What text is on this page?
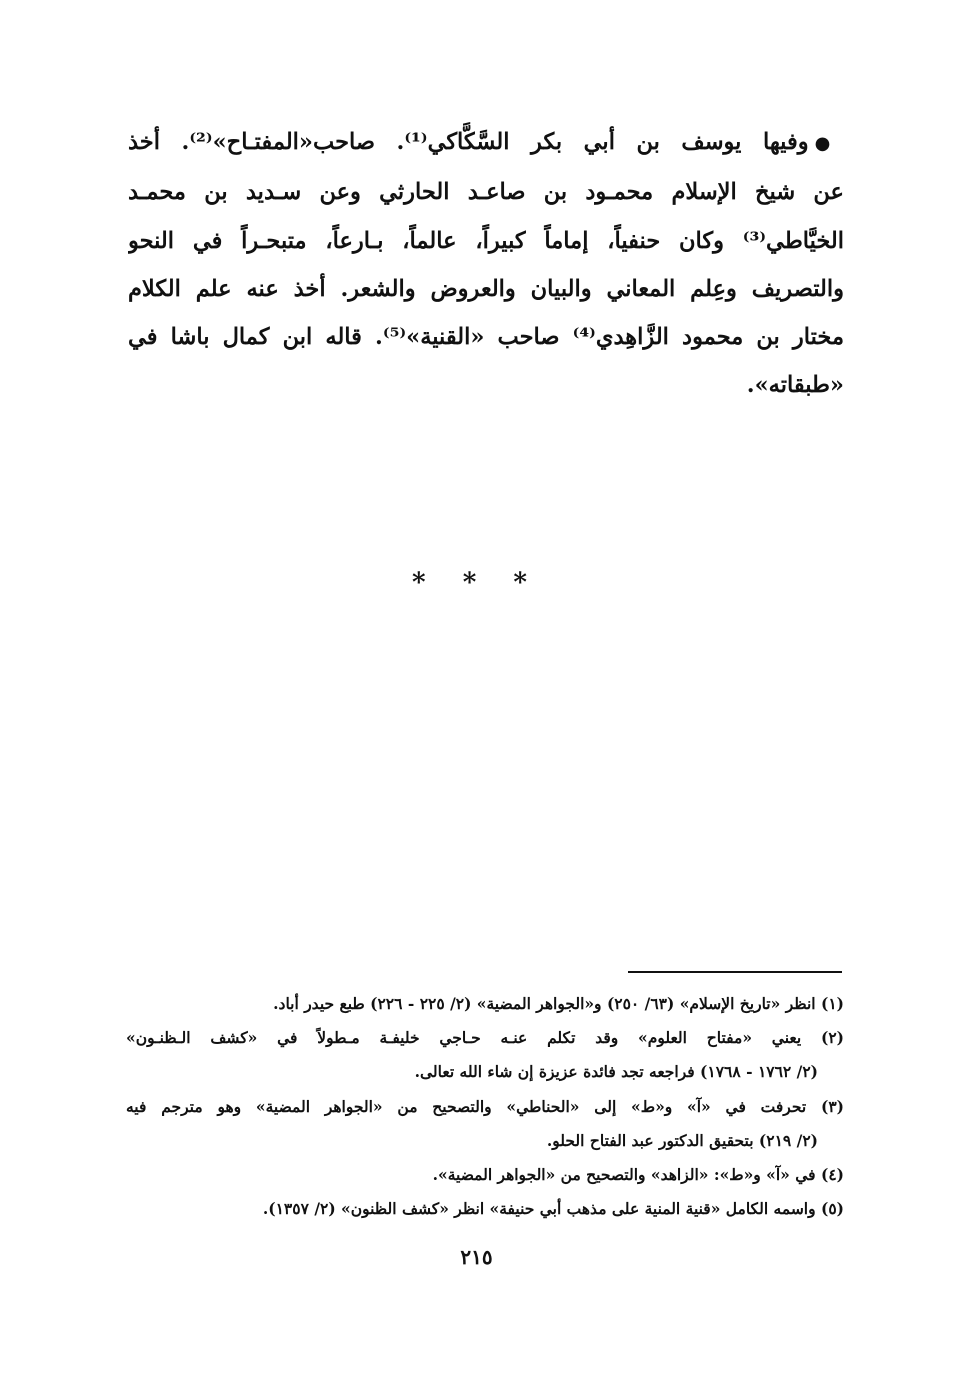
●وفيها يوسف بن أبي بكر السَّكَّاكي⁽¹⁾. صاحب«المفتـاح»⁽²⁾. أخذ
عن شيخ الإسلام محمـود بن صاعـد الحارثي وعن سـديد بن محمـد
الخيَّاطي⁽³⁾ وكان حنفياً، إماماً كبيراً، عالماً، بـارعاً، متبحـراً في النحو
والتصريف وعِلم المعاني والبيان والعروض والشعر. أخذ عنه علم الكلام
مختار بن محمود الزَّاهِدي⁽⁴⁾ صاحب «القنية»⁽⁵⁾. قاله ابن كمال باشا في
«طبقاته».
* * *
(١) انظر «تاريخ الإسلام» (٦٣/ ٢٥٠) و«الجواهر المضية» (٢/ ٢٢٥ - ٢٢٦) طبع حيدر أباد.
(٢) يعني «مفتاح العلوم» وقد تكلم عنـه حـاجي خليفـة مـطولاً في «كشف الـظنـون»
(٢/ ١٧٦٢ - ١٧٦٨) فراجعه تجد فائدة عزيزة إن شاء الله تعالى.
(٣) تحرفت في «آ» و«ط» إلى «الحناطي» والتصحيح من «الجواهر المضية» وهو مترجم فيه
(٢/ ٢١٩) بتحقيق الدكتور عبد الفتاح الحلو.
(٤) في «آ» و«ط»: «الزاهد» والتصحيح من «الجواهر المضية».
(٥) واسمه الكامل «قنية المنية على مذهب أبي حنيفة» انظر «كشف الظنون» (٢/ ١٣٥٧).
٢١٥
